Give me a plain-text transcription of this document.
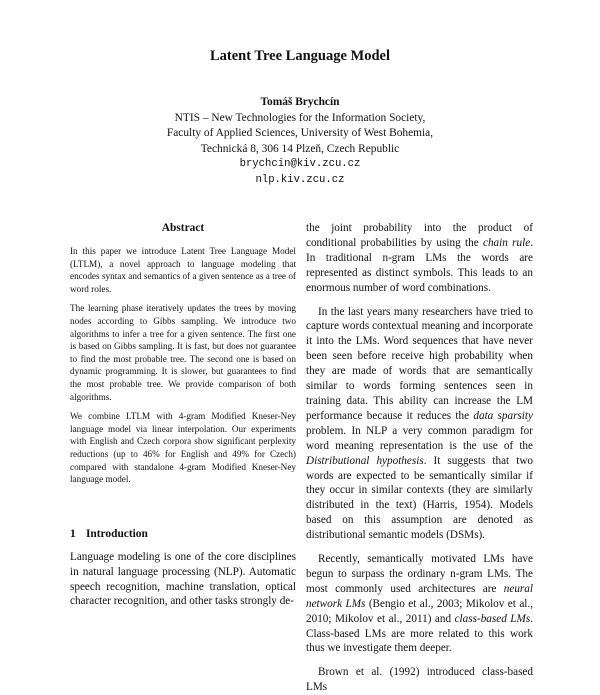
Latent Tree Language Model
Tomáš Brychcín
NTIS – New Technologies for the Information Society,
Faculty of Applied Sciences, University of West Bohemia,
Technická 8, 306 14 Plzeň, Czech Republic
brychcin@kiv.zcu.cz
nlp.kiv.zcu.cz
Abstract

In this paper we introduce Latent Tree Language Model (LTLM), a novel approach to language modeling that encodes syntax and semantics of a given sentence as a tree of word roles.

The learning phase iteratively updates the trees by moving nodes according to Gibbs sampling. We introduce two algorithms to infer a tree for a given sentence. The first one is based on Gibbs sampling. It is fast, but does not guarantee to find the most probable tree. The second one is based on dynamic programming. It is slower, but guarantees to find the most probable tree. We provide comparison of both algorithms.

We combine LTLM with 4-gram Modified Kneser-Ney language model via linear interpolation. Our experiments with English and Czech corpora show significant perplexity reductions (up to 46% for English and 49% for Czech) compared with standalone 4-gram Modified Kneser-Ney language model.

1 Introduction

Language modeling is one of the core disciplines in natural language processing (NLP). Automatic speech recognition, machine translation, optical character recognition, and other tasks strongly de-

the joint probability into the product of conditional probabilities by using the chain rule. In traditional n-gram LMs the words are represented as distinct symbols. This leads to an enormous number of word combinations.

In the last years many researchers have tried to capture words contextual meaning and incorporate it into the LMs. Word sequences that have never been seen before receive high probability when they are made of words that are semantically similar to words forming sentences seen in training data. This ability can increase the LM performance because it reduces the data sparsity problem. In NLP a very common paradigm for word meaning representation is the use of the Distributional hypothesis. It suggests that two words are expected to be semantically similar if they occur in similar contexts (they are similarly distributed in the text) (Harris, 1954). Models based on this assumption are denoted as distributional semantic models (DSMs).

Recently, semantically motivated LMs have begun to surpass the ordinary n-gram LMs. The most commonly used architectures are neural network LMs (Bengio et al., 2003; Mikolov et al., 2010; Mikolov et al., 2011) and class-based LMs. Class-based LMs are more related to this work thus we investigate them deeper.

Brown et al. (1992) introduced class-based LMs
